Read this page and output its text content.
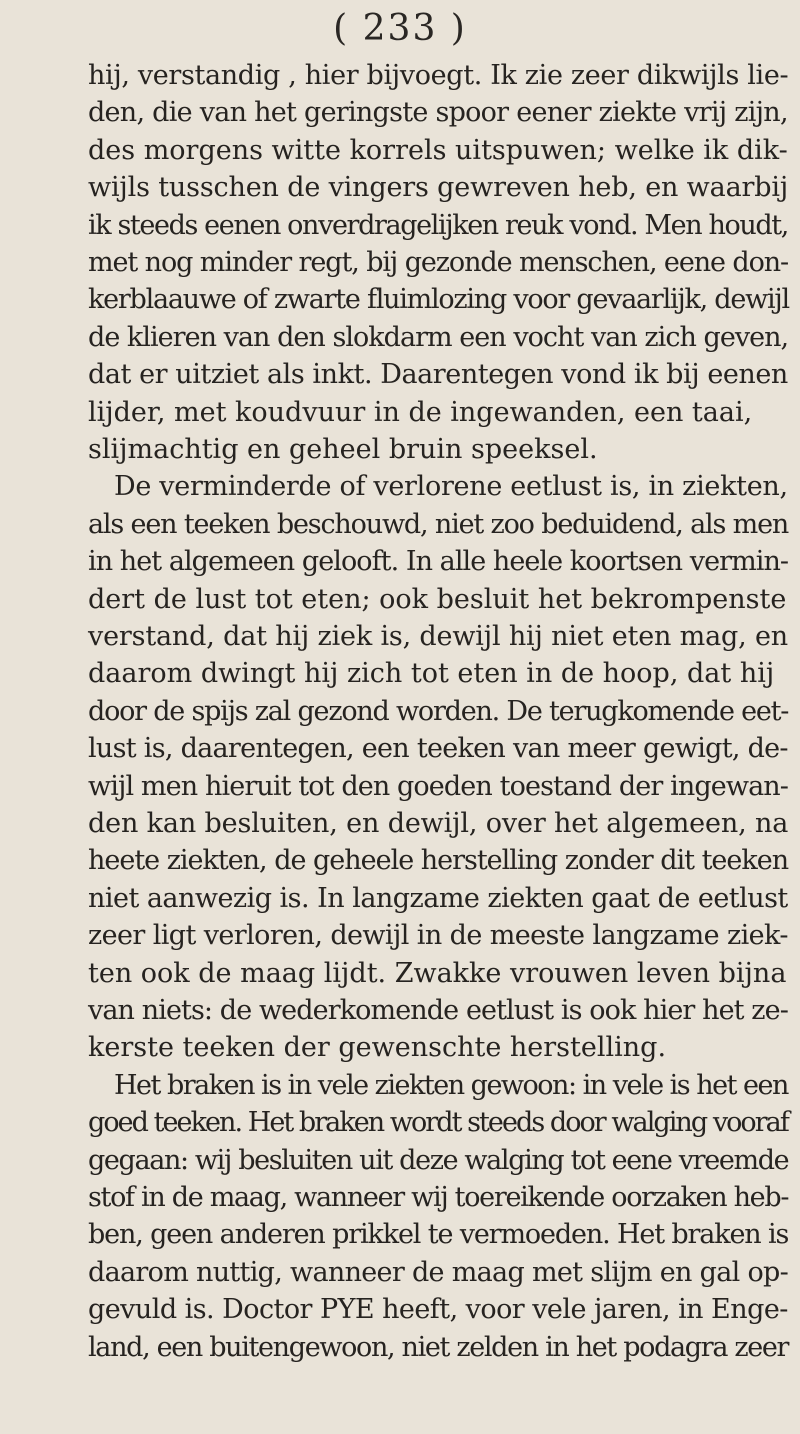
( 233 )
hij, verstandig , hier bijvoegt. Ik zie zeer dikwijls lie-
den, die van het geringste spoor eener ziekte vrij zijn,
des morgens witte korrels uitspuwen; welke ik dik-
wijls tusschen de vingers gewreven heb, en waarbij
ik steeds eenen onverdragelijken reuk vond. Men houdt,
met nog minder regt, bij gezonde menschen, eene don-
kerblaauwe of zwarte fluimlozing voor gevaarlijk, dewijl
de klieren van den slokdarm een vocht van zich geven,
dat er uitziet als inkt. Daarentegen vond ik bij eenen
lijder, met koudvuur in de ingewanden, een taai,
slijmachtig en geheel bruin speeksel.
De verminderde of verlorene eetlust is, in ziekten,
als een teeken beschouwd, niet zoo beduidend, als men
in het algemeen gelooft. In alle heele koortsen vermin-
dert de lust tot eten; ook besluit het bekrompenste
verstand, dat hij ziek is, dewijl hij niet eten mag, en
daarom dwingt hij zich tot eten in de hoop, dat hij
door de spijs zal gezond worden. De terugkomende eet-
lust is, daarentegen, een teeken van meer gewigt, de-
wijl men hieruit tot den goeden toestand der ingewan-
den kan besluiten, en dewijl, over het algemeen, na
heete ziekten, de geheele herstelling zonder dit teeken
niet aanwezig is. In langzame ziekten gaat de eetlust
zeer ligt verloren, dewijl in de meeste langzame ziek-
ten ook de maag lijdt. Zwakke vrouwen leven bijna
van niets: de wederkomende eetlust is ook hier het ze-
kerste teeken der gewenschte herstelling.
Het braken is in vele ziekten gewoon: in vele is het een
goed teeken. Het braken wordt steeds door walging vooraf
gegaan: wij besluiten uit deze walging tot eene vreemde
stof in de maag, wanneer wij toereikende oorzaken heb-
ben, geen anderen prikkel te vermoeden. Het braken is
daarom nuttig, wanneer de maag met slijm en gal op-
gevuld is. Doctor PYE heeft, voor vele jaren, in Enge-
land, een buitengewoon, niet zelden in het podagra zeer
